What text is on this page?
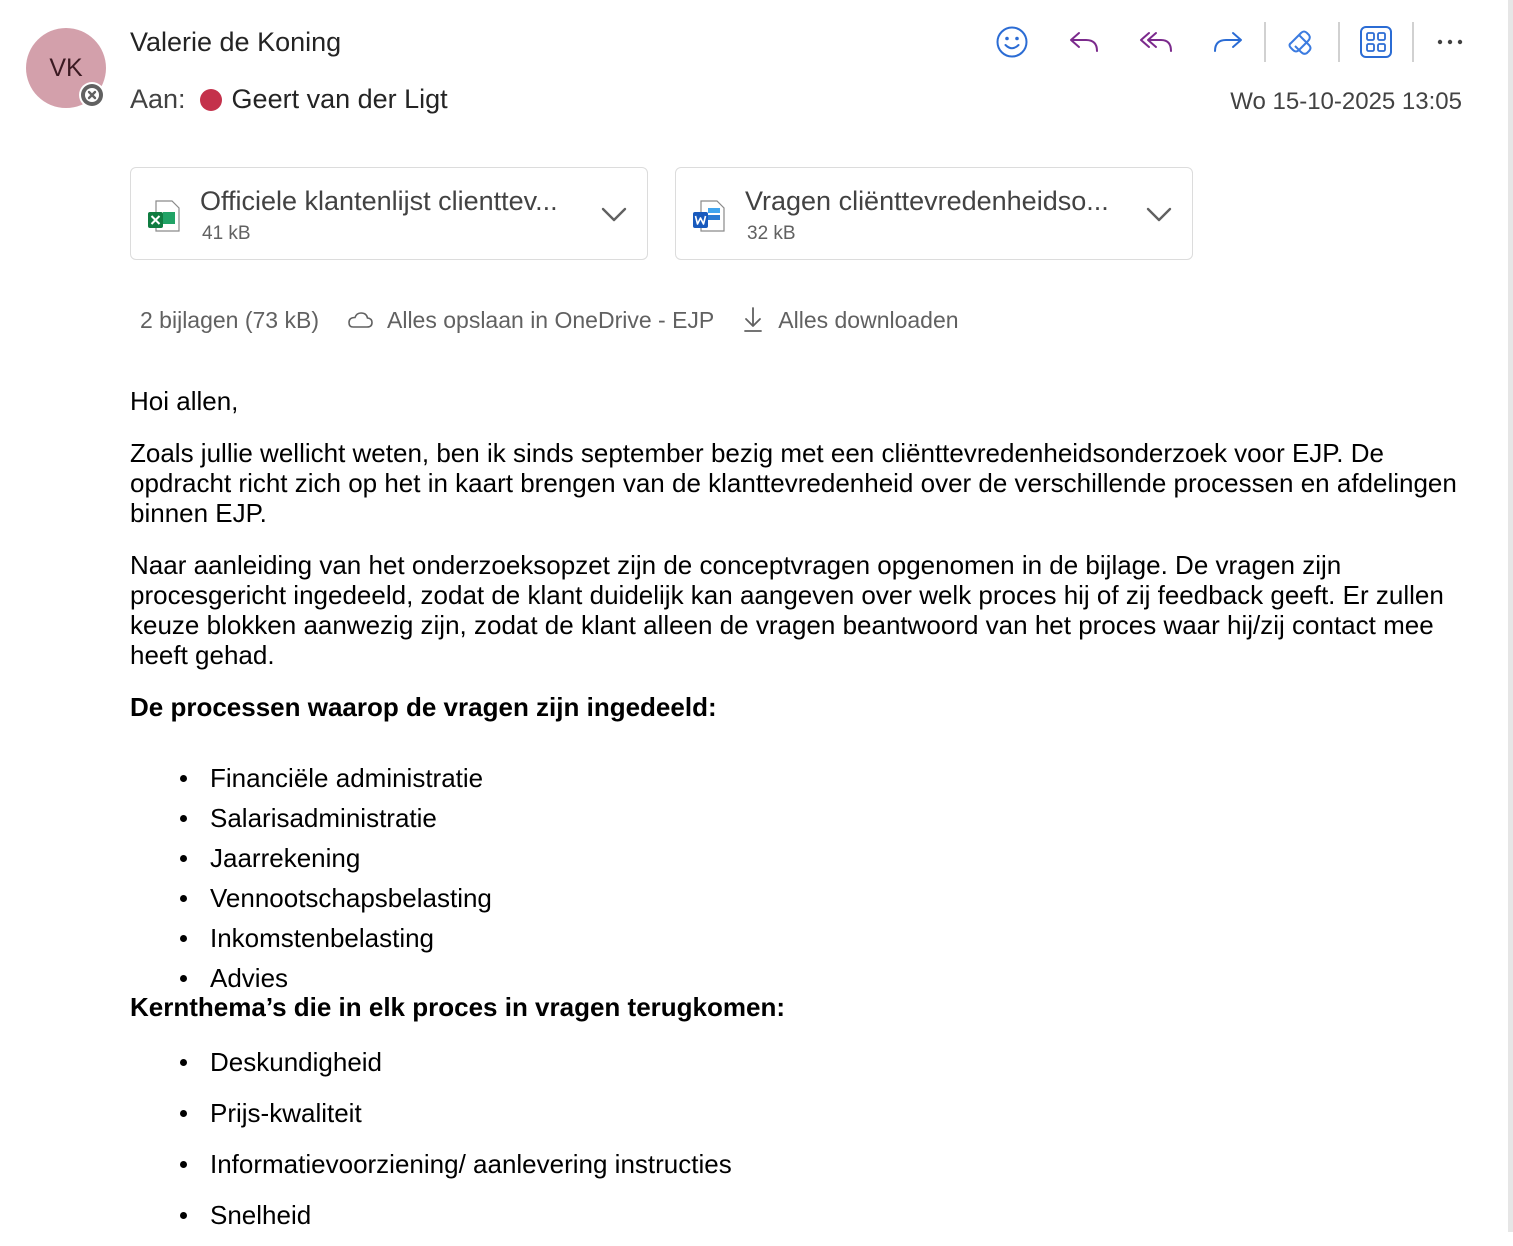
VK
Valerie de Koning
Aan: Geert van der Ligt	Wo 15-10-2025 13:05
Officiele klantenlijst clienttev...
41 kB
Vragen cliënttevredenheidso...
32 kB
2 bijlagen (73 kB)	Alles opslaan in OneDrive - EJP	Alles downloaden

Hoi allen,

Zoals jullie wellicht weten, ben ik sinds september bezig met een cliënttevredenheidsonderzoek voor EJP. De opdracht richt zich op het in kaart brengen van de klanttevredenheid over de verschillende processen en afdelingen binnen EJP.

Naar aanleiding van het onderzoeksopzet zijn de conceptvragen opgenomen in de bijlage. De vragen zijn procesgericht ingedeeld, zodat de klant duidelijk kan aangeven over welk proces hij of zij feedback geeft. Er zullen keuze blokken aanwezig zijn, zodat de klant alleen de vragen beantwoord van het proces waar hij/zij contact mee heeft gehad.

De processen waarop de vragen zijn ingedeeld:

Financiële administratie
Salarisadministratie
Jaarrekening
Vennootschapsbelasting
Inkomstenbelasting
Advies

Kernthema’s die in elk proces in vragen terugkomen:

Deskundigheid
Prijs-kwaliteit
Informatievoorziening/ aanlevering instructies
Snelheid
